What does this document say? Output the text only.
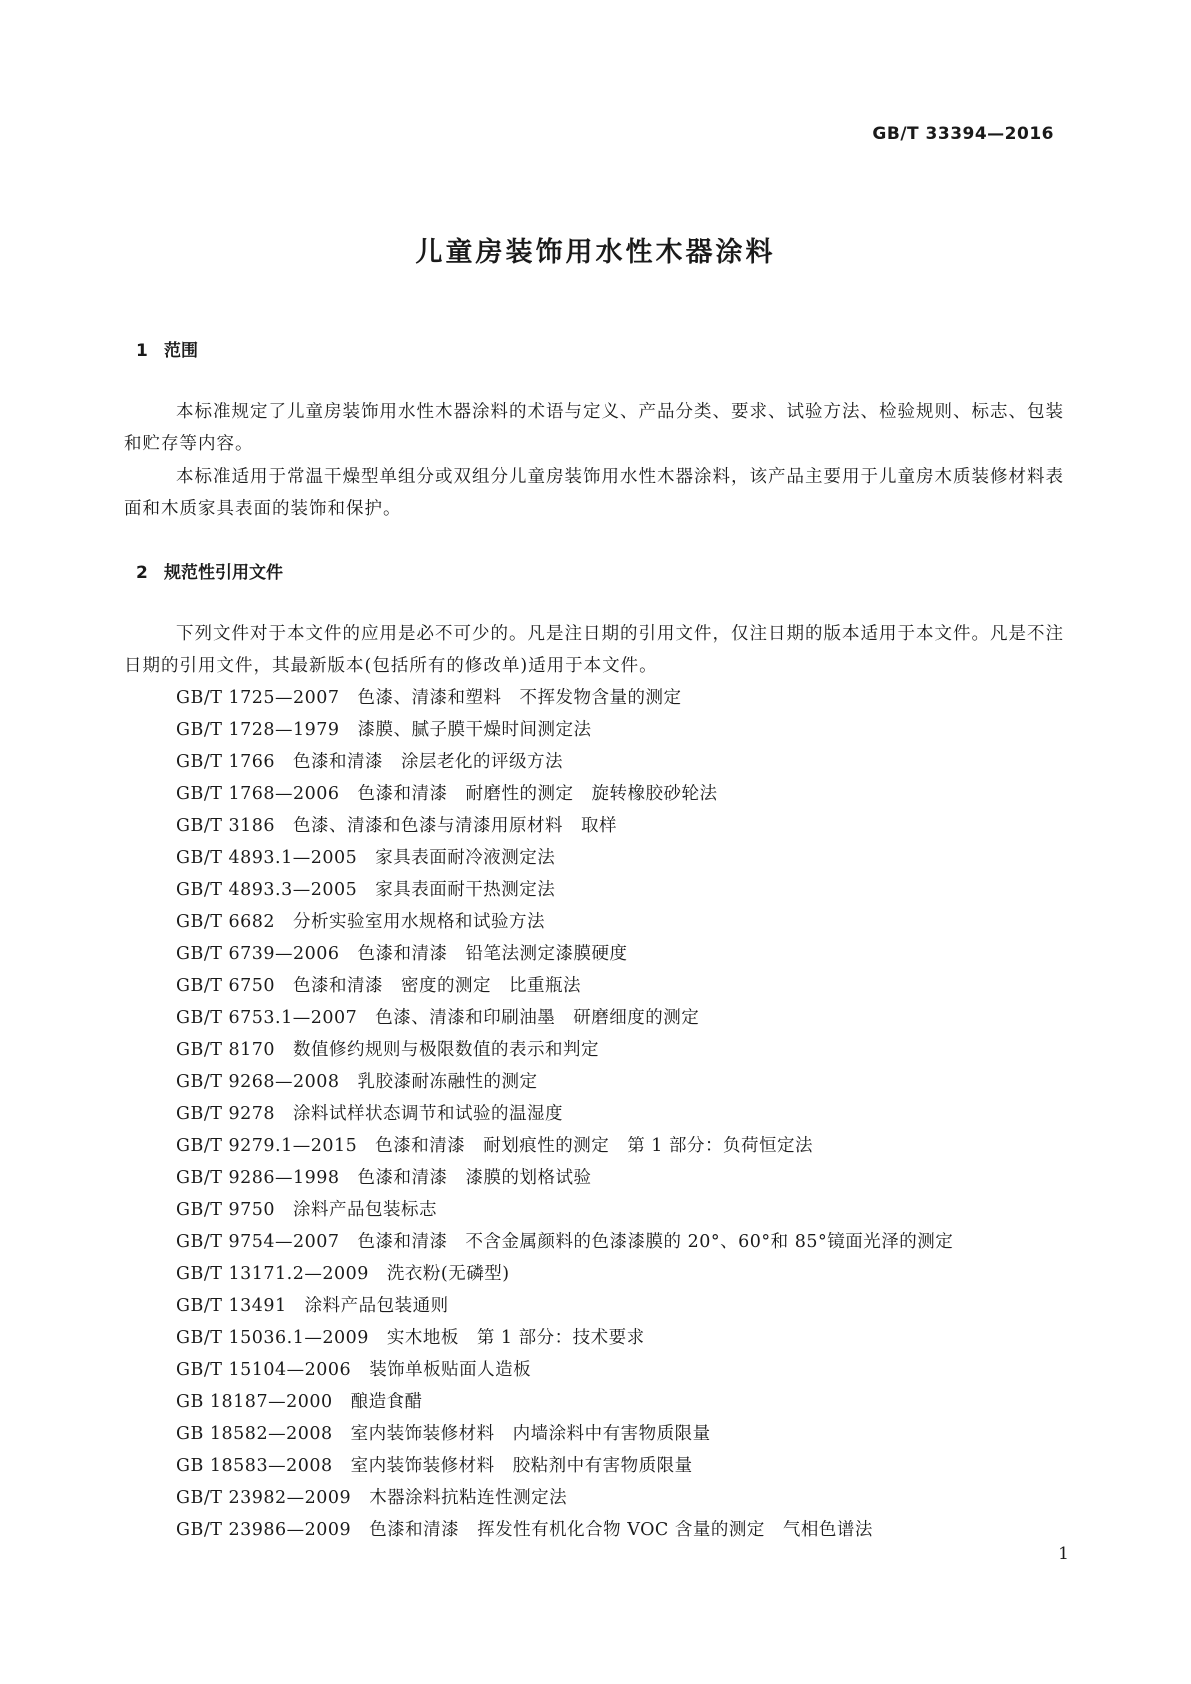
GB/T 33394—2016
儿童房装饰用水性木器涂料
1 范围

本标准规定了儿童房装饰用水性木器涂料的术语与定义、产品分类、要求、试验方法、检验规则、标志、包装和贮存等内容。

本标准适用于常温干燥型单组分或双组分儿童房装饰用水性木器涂料，该产品主要用于儿童房木质装修材料表面和木质家具表面的装饰和保护。

2 规范性引用文件

下列文件对于本文件的应用是必不可少的。凡是注日期的引用文件，仅注日期的版本适用于本文件。凡是不注日期的引用文件，其最新版本(包括所有的修改单)适用于本文件。

GB/T 1725—2007 色漆、清漆和塑料　不挥发物含量的测定
GB/T 1728—1979 漆膜、腻子膜干燥时间测定法
GB/T 1766 色漆和清漆　涂层老化的评级方法
GB/T 1768—2006 色漆和清漆　耐磨性的测定　旋转橡胶砂轮法
GB/T 3186 色漆、清漆和色漆与清漆用原材料　取样
GB/T 4893.1—2005 家具表面耐冷液测定法
GB/T 4893.3—2005 家具表面耐干热测定法
GB/T 6682 分析实验室用水规格和试验方法
GB/T 6739—2006 色漆和清漆　铅笔法测定漆膜硬度
GB/T 6750 色漆和清漆　密度的测定　比重瓶法
GB/T 6753.1—2007 色漆、清漆和印刷油墨　研磨细度的测定
GB/T 8170 数值修约规则与极限数值的表示和判定
GB/T 9268—2008 乳胶漆耐冻融性的测定
GB/T 9278 涂料试样状态调节和试验的温湿度
GB/T 9279.1—2015 色漆和清漆　耐划痕性的测定　第 1 部分：负荷恒定法
GB/T 9286—1998 色漆和清漆　漆膜的划格试验
GB/T 9750 涂料产品包装标志
GB/T 9754—2007 色漆和清漆　不含金属颜料的色漆漆膜的 20°、60°和 85°镜面光泽的测定
GB/T 13171.2—2009 洗衣粉(无磷型)
GB/T 13491 涂料产品包装通则
GB/T 15036.1—2009 实木地板　第 1 部分：技术要求
GB/T 15104—2006 装饰单板贴面人造板
GB 18187—2000 酿造食醋
GB 18582—2008 室内装饰装修材料　内墙涂料中有害物质限量
GB 18583—2008 室内装饰装修材料　胶粘剂中有害物质限量
GB/T 23982—2009 木器涂料抗粘连性测定法
GB/T 23986—2009 色漆和清漆　挥发性有机化合物 VOC 含量的测定　气相色谱法
1
